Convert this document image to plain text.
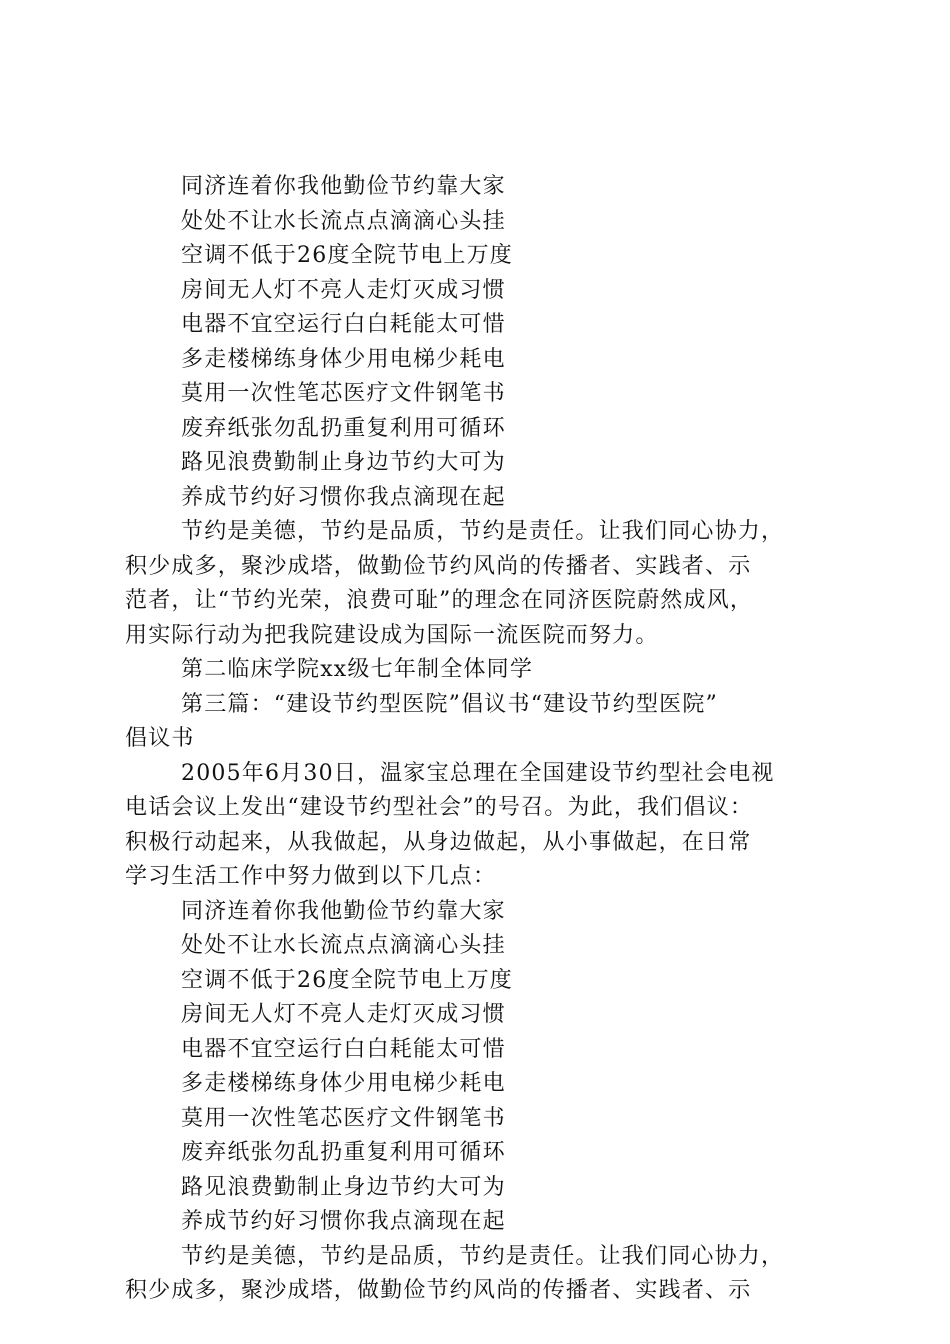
同济连着你我他勤俭节约靠大家
处处不让水长流点点滴滴心头挂
空调不低于26度全院节电上万度
房间无人灯不亮人走灯灭成习惯
电器不宜空运行白白耗能太可惜
多走楼梯练身体少用电梯少耗电
莫用一次性笔芯医疗文件钢笔书
废弃纸张勿乱扔重复利用可循环
路见浪费勤制止身边节约大可为
养成节约好习惯你我点滴现在起
节约是美德，节约是品质，节约是责任。让我们同心协力，
积少成多，聚沙成塔，做勤俭节约风尚的传播者、实践者、示
范者，让“节约光荣，浪费可耻”的理念在同济医院蔚然成风，
用实际行动为把我院建设成为国际一流医院而努力。
第二临床学院xx级七年制全体同学
第三篇：“建设节约型医院”倡议书“建设节约型医院”
倡议书
2005年6月30日，温家宝总理在全国建设节约型社会电视
电话会议上发出“建设节约型社会”的号召。为此，我们倡议：
积极行动起来，从我做起，从身边做起，从小事做起，在日常
学习生活工作中努力做到以下几点：
同济连着你我他勤俭节约靠大家
处处不让水长流点点滴滴心头挂
空调不低于26度全院节电上万度
房间无人灯不亮人走灯灭成习惯
电器不宜空运行白白耗能太可惜
多走楼梯练身体少用电梯少耗电
莫用一次性笔芯医疗文件钢笔书
废弃纸张勿乱扔重复利用可循环
路见浪费勤制止身边节约大可为
养成节约好习惯你我点滴现在起
节约是美德，节约是品质，节约是责任。让我们同心协力，
积少成多，聚沙成塔，做勤俭节约风尚的传播者、实践者、示
